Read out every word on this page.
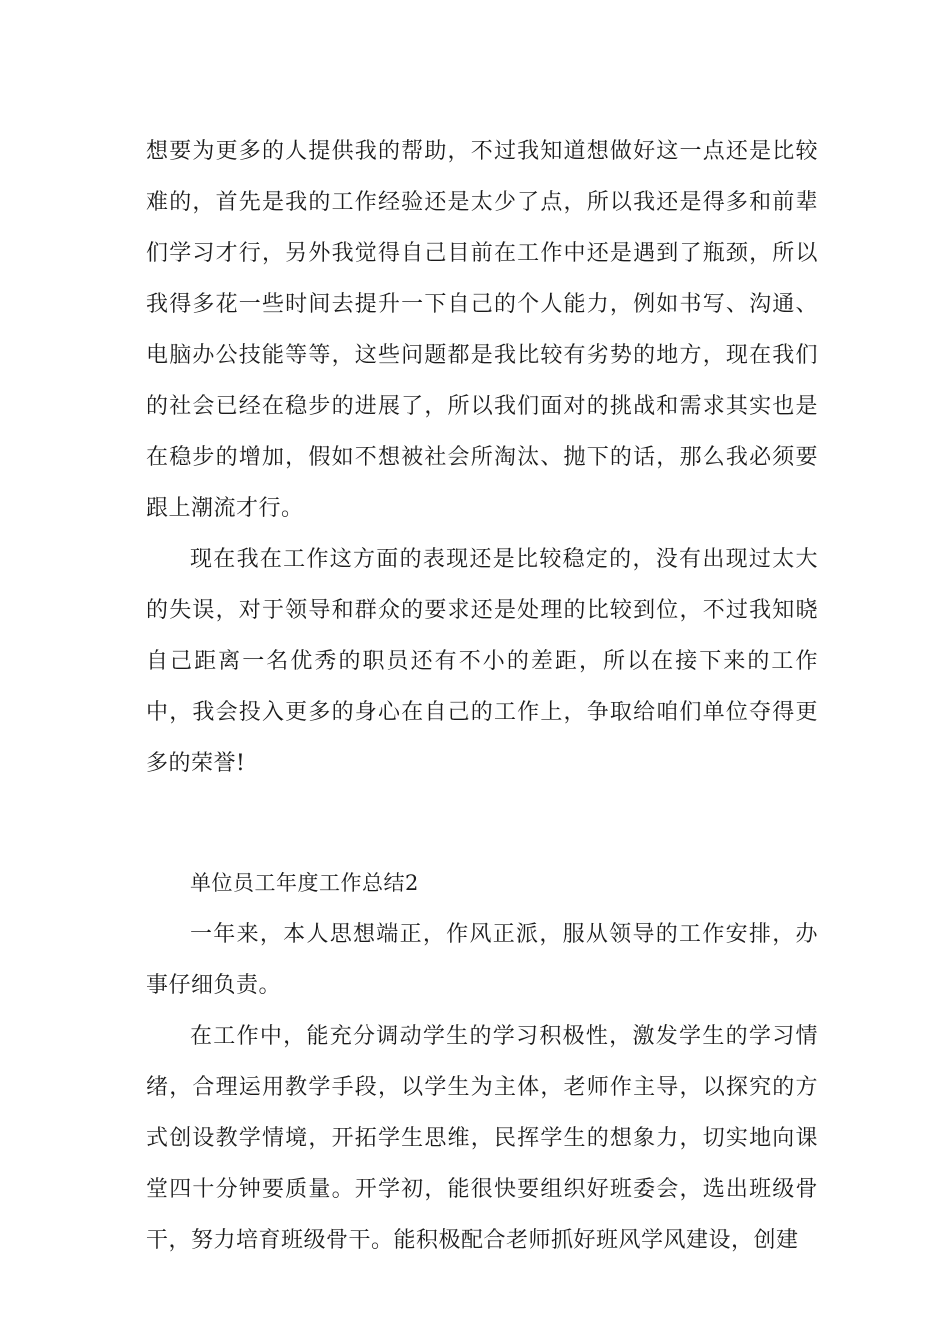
想要为更多的人提供我的帮助，不过我知道想做好这一点还是比较难的，首先是我的工作经验还是太少了点，所以我还是得多和前辈们学习才行，另外我觉得自己目前在工作中还是遇到了瓶颈，所以我得多花一些时间去提升一下自己的个人能力，例如书写、沟通、电脑办公技能等等，这些问题都是我比较有劣势的地方，现在我们的社会已经在稳步的进展了，所以我们面对的挑战和需求其实也是在稳步的增加，假如不想被社会所淘汰、抛下的话，那么我必须要跟上潮流才行。

现在我在工作这方面的表现还是比较稳定的，没有出现过太大的失误，对于领导和群众的要求还是处理的比较到位，不过我知晓自己距离一名优秀的职员还有不小的差距，所以在接下来的工作中，我会投入更多的身心在自己的工作上，争取给咱们单位夺得更多的荣誉!

单位员工年度工作总结2

一年来，本人思想端正，作风正派，服从领导的工作安排，办事仔细负责。

在工作中，能充分调动学生的学习积极性，激发学生的学习情绪，合理运用教学手段，以学生为主体，老师作主导，以探究的方式创设教学情境，开拓学生思维，民挥学生的想象力，切实地向课堂四十分钟要质量。开学初，能很快要组织好班委会，选出班级骨干，努力培育班级骨干。能积极配合老师抓好班风学风建设，创建
